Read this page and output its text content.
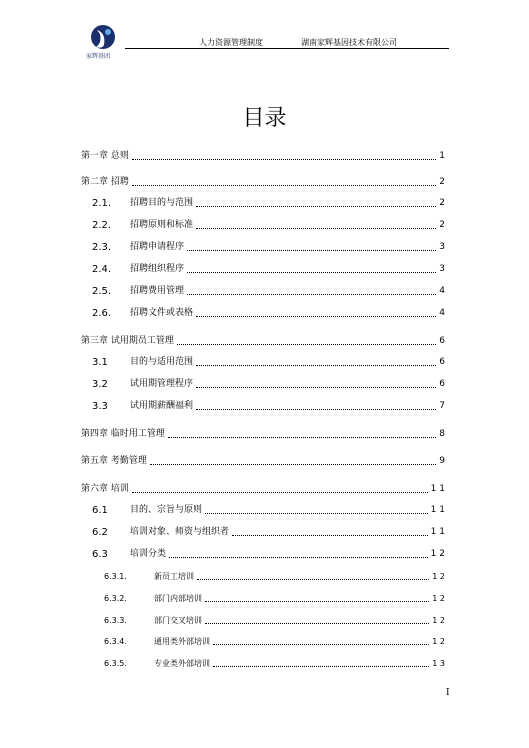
家辉基团
人力资源管理制度	湖南家辉基因技术有限公司
目录
第一章 总则	1
第二章 招聘	2
2.1.	招聘目的与范围	2
2.2.	招聘原则和标准	2
2.3.	招聘申请程序	3
2.4.	招聘组织程序	3
2.5.	招聘费用管理	4
2.6.	招聘文件或表格	4
第三章 试用期员工管理	6
3.1	目的与适用范围	6
3.2	试用期管理程序	6
3.3	试用期薪酬福利	7
第四章 临时用工管理	8
第五章 考勤管理	9
第六章 培训	1 1
6.1	目的、宗旨与原则	1 1
6.2	培训对象、师资与组织者	1 1
6.3	培训分类	1 2
6.3.1.	新员工培训	1 2
6.3.2.	部门内部培训	1 2
6.3.3.	部门交叉培训	1 2
6.3.4.	通用类外部培训	1 2
6.3.5.	专业类外部培训	1 3
I
